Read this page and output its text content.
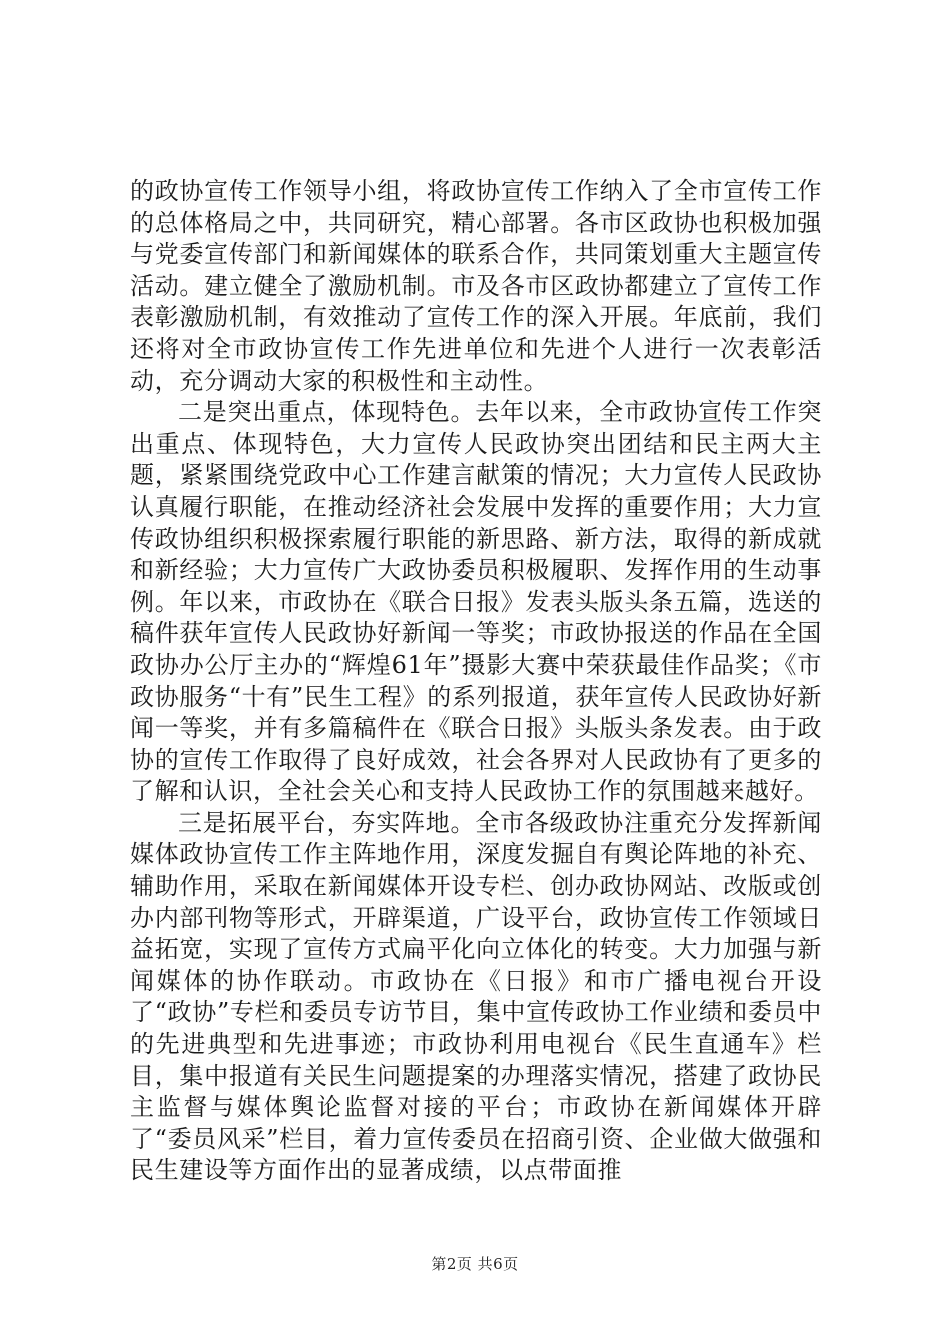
的政协宣传工作领导小组，将政协宣传工作纳入了全市宣传工作的总体格局之中，共同研究，精心部署。各市区政协也积极加强与党委宣传部门和新闻媒体的联系合作，共同策划重大主题宣传活动。建立健全了激励机制。市及各市区政协都建立了宣传工作表彰激励机制，有效推动了宣传工作的深入开展。年底前，我们还将对全市政协宣传工作先进单位和先进个人进行一次表彰活动，充分调动大家的积极性和主动性。

二是突出重点，体现特色。去年以来，全市政协宣传工作突出重点、体现特色，大力宣传人民政协突出团结和民主两大主题，紧紧围绕党政中心工作建言献策的情况；大力宣传人民政协认真履行职能，在推动经济社会发展中发挥的重要作用；大力宣传政协组织积极探索履行职能的新思路、新方法，取得的新成就和新经验；大力宣传广大政协委员积极履职、发挥作用的生动事例。年以来，市政协在《联合日报》发表头版头条五篇，选送的稿件获年宣传人民政协好新闻一等奖；市政协报送的作品在全国政协办公厅主办的“辉煌61年”摄影大赛中荣获最佳作品奖；《市政协服务“十有”民生工程》的系列报道，获年宣传人民政协好新闻一等奖，并有多篇稿件在《联合日报》头版头条发表。由于政协的宣传工作取得了良好成效，社会各界对人民政协有了更多的了解和认识，全社会关心和支持人民政协工作的氛围越来越好。

三是拓展平台，夯实阵地。全市各级政协注重充分发挥新闻媒体政协宣传工作主阵地作用，深度发掘自有舆论阵地的补充、辅助作用，采取在新闻媒体开设专栏、创办政协网站、改版或创办内部刊物等形式，开辟渠道，广设平台，政协宣传工作领域日益拓宽，实现了宣传方式扁平化向立体化的转变。大力加强与新闻媒体的协作联动。市政协在《日报》和市广播电视台开设了“政协”专栏和委员专访节目，集中宣传政协工作业绩和委员中的先进典型和先进事迹；市政协利用电视台《民生直通车》栏目，集中报道有关民生问题提案的办理落实情况，搭建了政协民主监督与媒体舆论监督对接的平台；市政协在新闻媒体开辟了“委员风采”栏目，着力宣传委员在招商引资、企业做大做强和民生建设等方面作出的显著成绩，以点带面推

第2页 共6页
